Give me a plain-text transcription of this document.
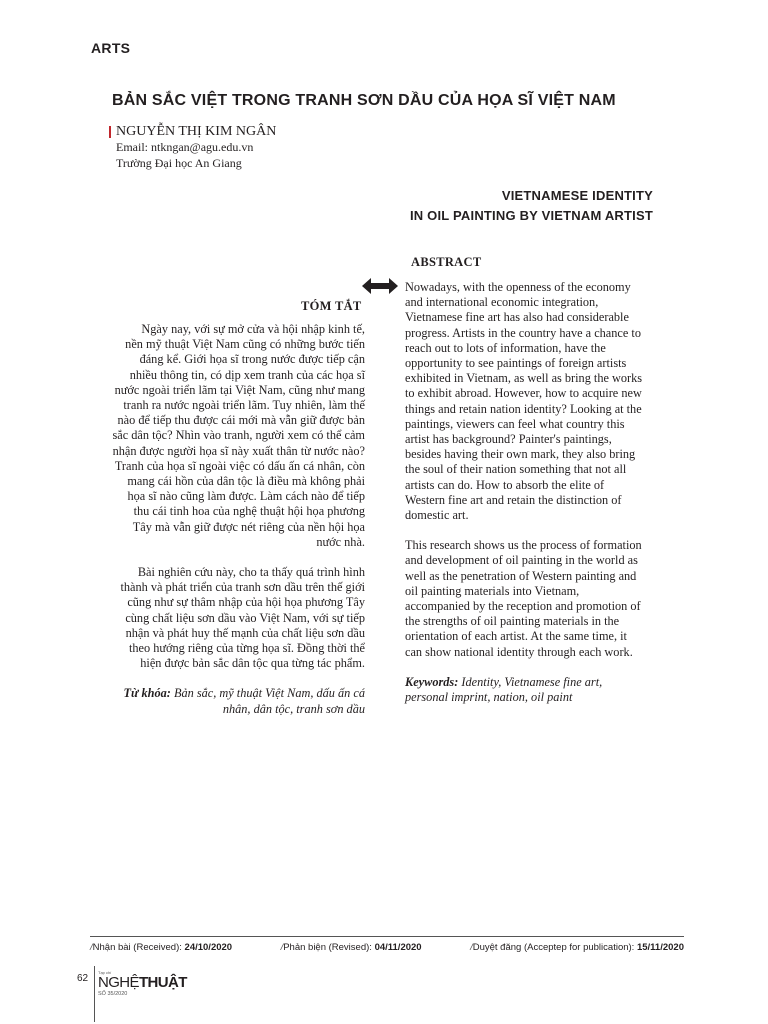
ARTS
BẢN SẮC VIỆT TRONG TRANH SƠN DẦU CỦA HỌA SĨ VIỆT NAM
NGUYỄN THỊ KIM NGÂN
Email: ntkngan@agu.edu.vn
Trường Đại học An Giang
VIETNAMESE IDENTITY
IN OIL PAINTING BY VIETNAM ARTIST
ABSTRACT
TÓM TẮT

Ngày nay, với sự mở cửa và hội nhập kinh tế, nền mỹ thuật Việt Nam cũng có những bước tiến đáng kể. Giới họa sĩ trong nước được tiếp cận nhiều thông tin, có dịp xem tranh của các họa sĩ nước ngoài triển lãm tại Việt Nam, cũng như mang tranh ra nước ngoài triển lãm. Tuy nhiên, làm thế nào để tiếp thu được cái mới mà vẫn giữ được bản sắc dân tộc? Nhìn vào tranh, người xem có thể cảm nhận được người họa sĩ này xuất thân từ nước nào? Tranh của họa sĩ ngoài việc có dấu ấn cá nhân, còn mang cái hồn của dân tộc là điều mà không phải họa sĩ nào cũng làm được. Làm cách nào để tiếp thu cái tinh hoa của nghệ thuật hội họa phương Tây mà vẫn giữ được nét riêng của nền hội họa nước nhà.

Bài nghiên cứu này, cho ta thấy quá trình hình thành và phát triển của tranh sơn dầu trên thế giới cũng như sự thâm nhập của hội họa phương Tây cùng chất liệu sơn dầu vào Việt Nam, với sự tiếp nhận và phát huy thế mạnh của chất liệu sơn dầu theo hướng riêng của từng họa sĩ. Đồng thời thể hiện được bản sắc dân tộc qua từng tác phẩm.

Từ khóa: Bản sắc, mỹ thuật Việt Nam, dấu ấn cá nhân, dân tộc, tranh sơn dầu

Nowadays, with the openness of the economy and international economic integration, Vietnamese fine art has also had considerable progress. Artists in the country have a chance to reach out to lots of information, have the opportunity to see paintings of foreign artists exhibited in Vietnam, as well as bring the works to exhibit abroad. However, how to acquire new things and retain nation identity? Looking at the paintings, viewers can feel what country this artist has background? Painter's paintings, besides having their own mark, they also bring the soul of their nation something that not all artists can do. How to absorb the elite of Western fine art and retain the distinction of domestic art.

This research shows us the process of formation and development of oil painting in the world as well as the penetration of Western painting and oil painting materials into Vietnam, accompanied by the reception and promotion of the strengths of oil painting materials in the orientation of each artist. At the same time, it can show national identity through each work.

Keywords: Identity, Vietnamese fine art, personal imprint, nation, oil paint

/Nhận bài (Received): 24/10/2020	/Phản biện (Revised): 04/11/2020	/Duyệt đăng (Acceptep for publication): 15/11/2020
62
Tạp chí
NGHỆTHUẬT
SỐ 35/2020
